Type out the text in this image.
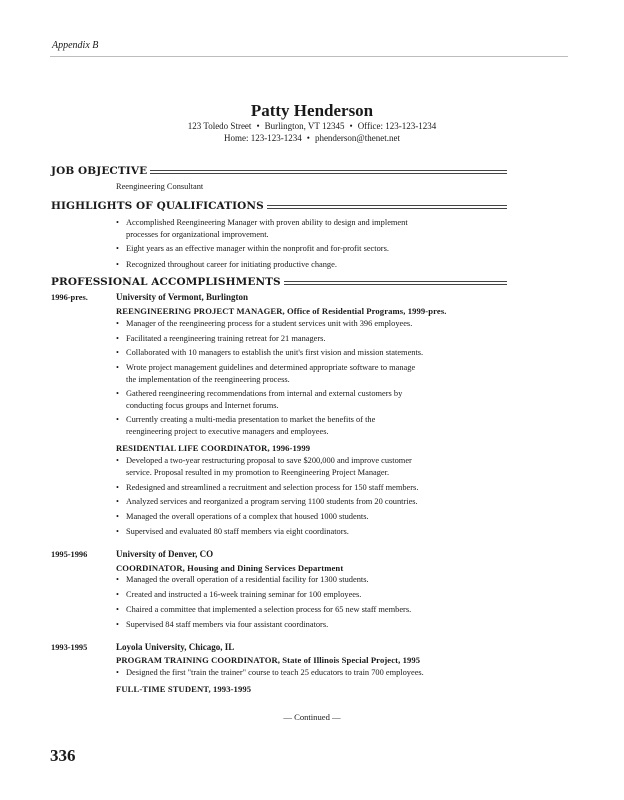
Appendix B
Patty Henderson
123 Toledo Street • Burlington, VT 12345 • Office: 123-123-1234
Home: 123-123-1234 • phenderson@thenet.net
JOB OBJECTIVE
Reengineering Consultant
HIGHLIGHTS OF QUALIFICATIONS
• Accomplished Reengineering Manager with proven ability to design and implement
processes for organizational improvement.
• Eight years as an effective manager within the nonprofit and for-profit sectors.
• Recognized throughout career for initiating productive change.
PROFESSIONAL ACCOMPLISHMENTS
1996-pres.	University of Vermont, Burlington
REENGINEERING PROJECT MANAGER, Office of Residential Programs, 1999-pres.
• Manager of the reengineering process for a student services unit with 396 employees.
• Facilitated a reengineering training retreat for 21 managers.
• Collaborated with 10 managers to establish the unit's first vision and mission statements.
• Wrote project management guidelines and determined appropriate software to manage
the implementation of the reengineering process.
• Gathered reengineering recommendations from internal and external customers by
conducting focus groups and Internet forums.
• Currently creating a multi-media presentation to market the benefits of the
reengineering project to executive managers and employees.
RESIDENTIAL LIFE COORDINATOR, 1996-1999
• Developed a two-year restructuring proposal to save $200,000 and improve customer
service. Proposal resulted in my promotion to Reengineering Project Manager.
• Redesigned and streamlined a recruitment and selection process for 150 staff members.
• Analyzed services and reorganized a program serving 1100 students from 20 countries.
• Managed the overall operations of a complex that housed 1000 students.
• Supervised and evaluated 80 staff members via eight coordinators.
1995-1996	University of Denver, CO
COORDINATOR, Housing and Dining Services Department
• Managed the overall operation of a residential facility for 1300 students.
• Created and instructed a 16-week training seminar for 100 employees.
• Chaired a committee that implemented a selection process for 65 new staff members.
• Supervised 84 staff members via four assistant coordinators.
1993-1995	Loyola University, Chicago, IL
PROGRAM TRAINING COORDINATOR, State of Illinois Special Project, 1995
• Designed the first "train the trainer" course to teach 25 educators to train 700 employees.
FULL-TIME STUDENT, 1993-1995
— Continued —
336
